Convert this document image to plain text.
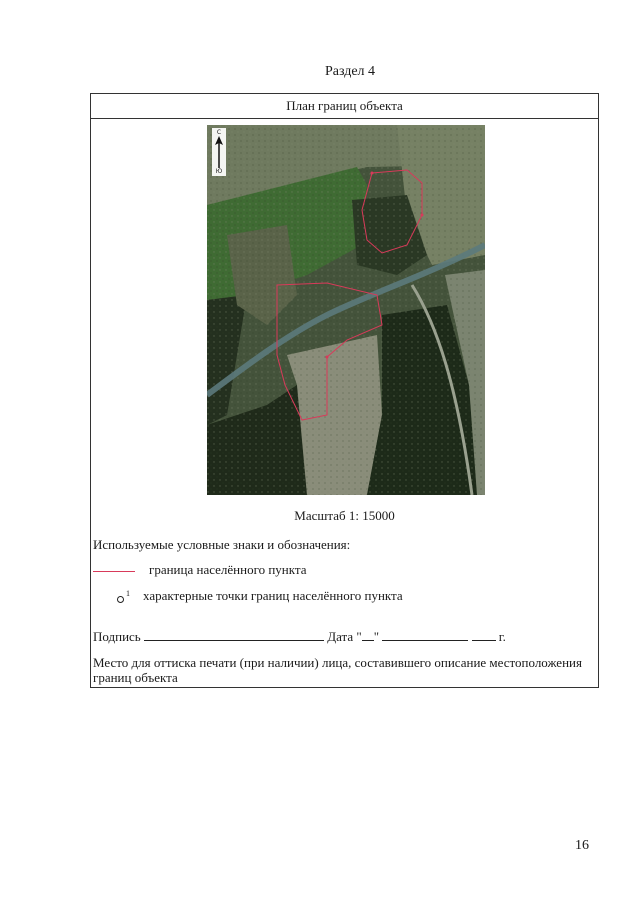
Раздел 4
План границ объекта
С
Ю
Масштаб 1: 15000
Используемые условные знаки и обозначения:
граница населённого пункта
$^1$ характерные точки границ населённого пункта
Подпись	Дата " "	г.
Место для оттиска печати (при наличии) лица, составившего описание местоположения границ объекта
16
